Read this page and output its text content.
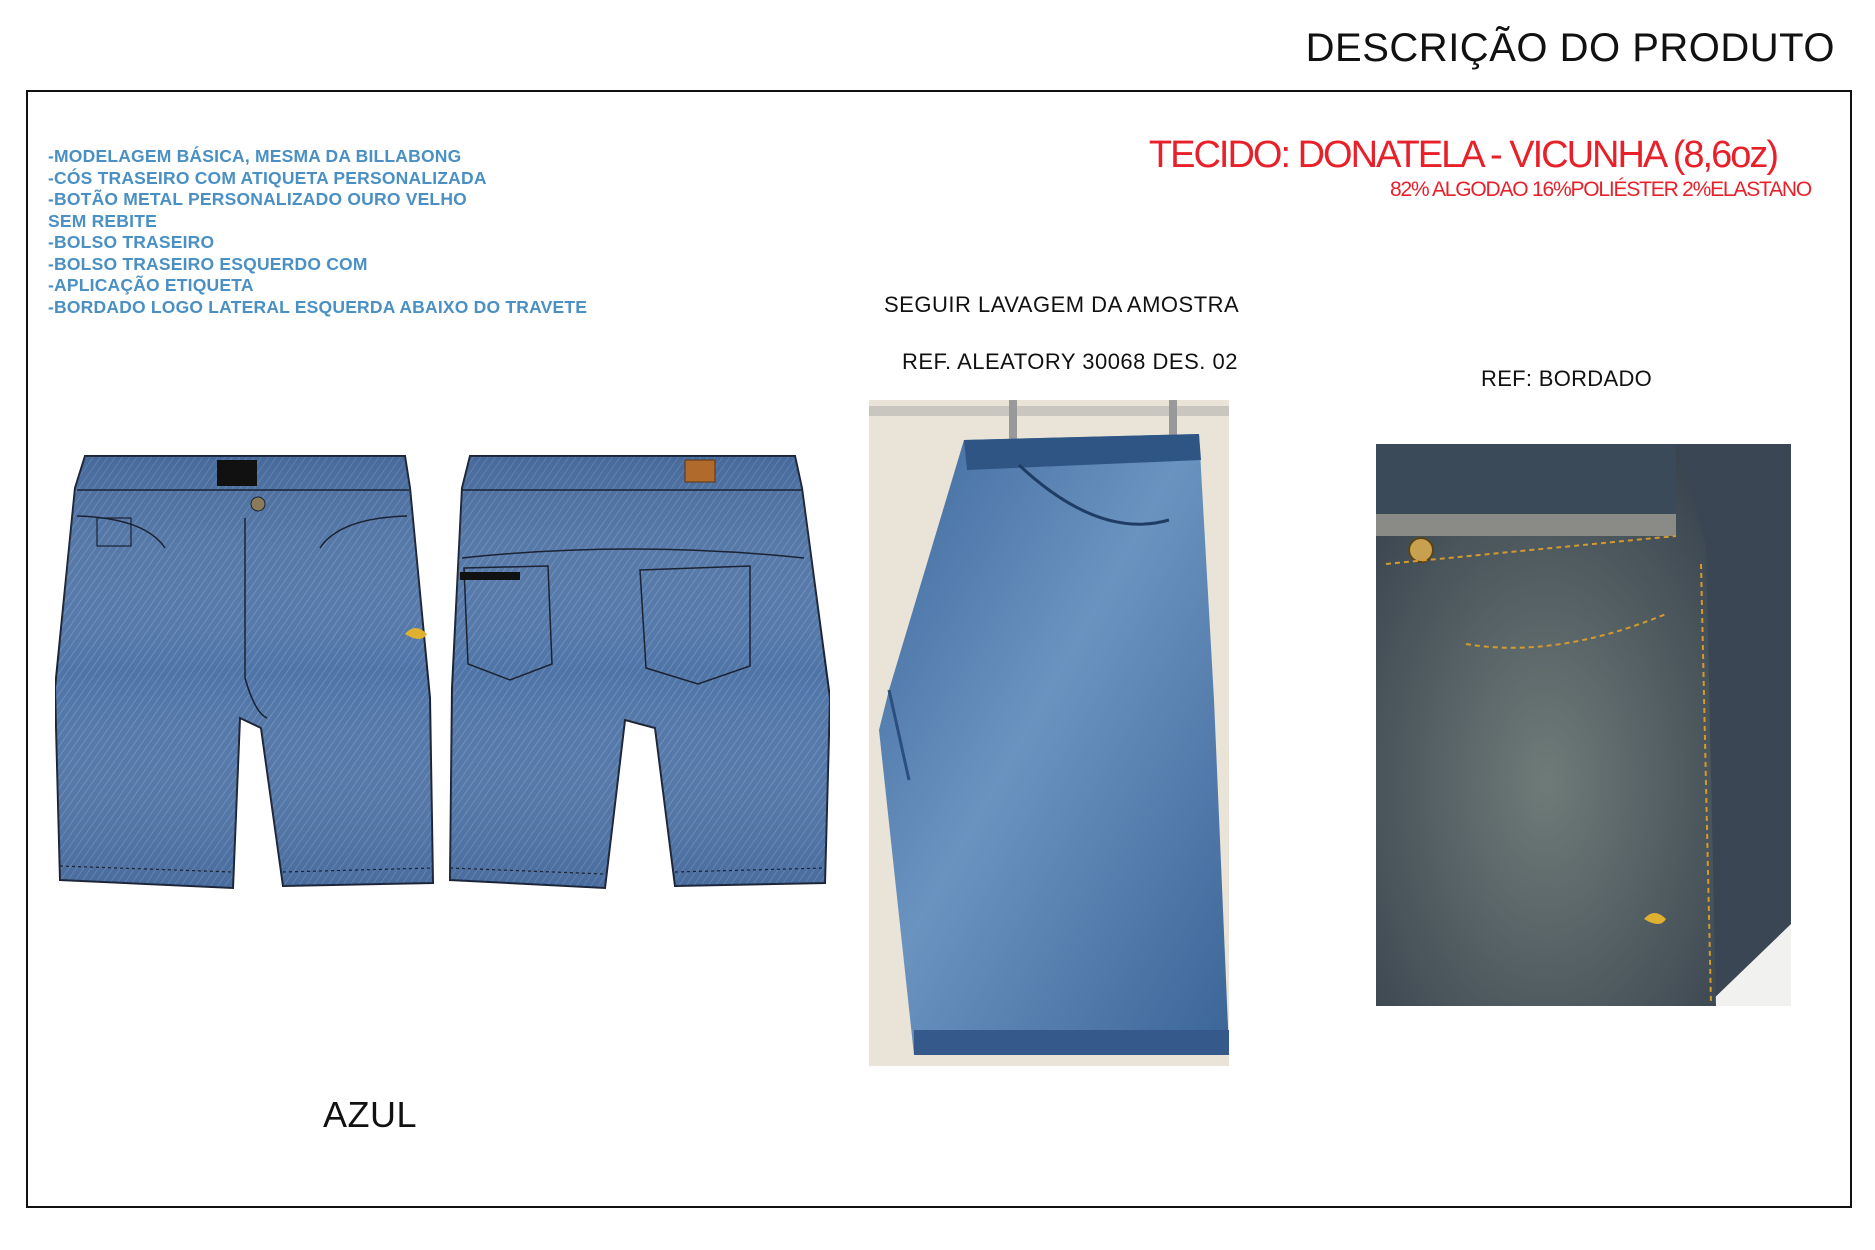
DESCRIÇÃO DO PRODUTO
-MODELAGEM BÁSICA, MESMA DA BILLABONG
-CÓS TRASEIRO COM ATIQUETA PERSONALIZADA
-BOTÃO METAL PERSONALIZADO OURO VELHO
SEM REBITE
-BOLSO TRASEIRO
-BOLSO TRASEIRO ESQUERDO COM
-APLICAÇÃO ETIQUETA
-BORDADO LOGO LATERAL ESQUERDA ABAIXO DO TRAVETE
TECIDO: DONATELA - VICUNHA (8,6oz)
82% ALGODAO 16%POLIÉSTER 2%ELASTANO
SEGUIR LAVAGEM DA AMOSTRA
REF. ALEATORY 30068 DES. 02
REF: BORDADO
AZUL
